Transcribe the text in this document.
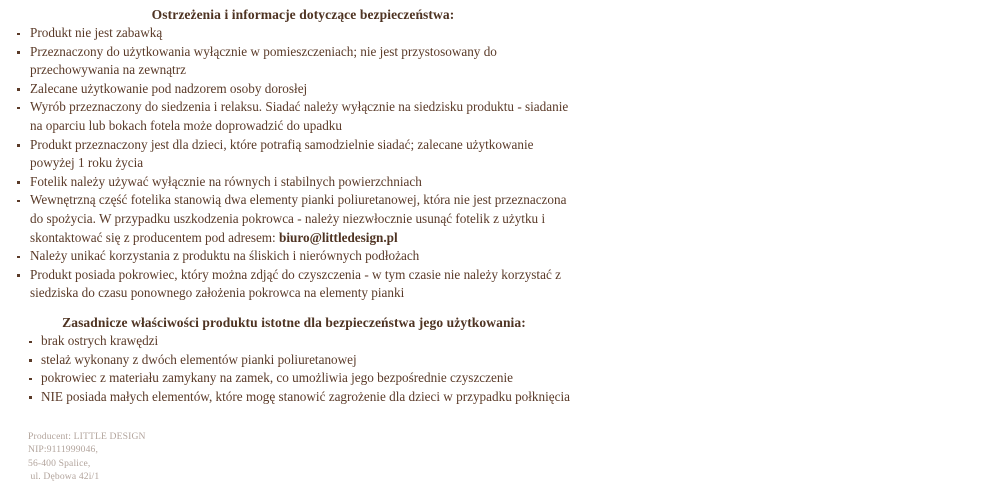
Ostrzeżenia i informacje dotyczące bezpieczeństwa:
Produkt nie jest zabawką
Przeznaczony do użytkowania wyłącznie w pomieszczeniach; nie jest przystosowany do przechowywania na zewnątrz
Zalecane użytkowanie pod nadzorem osoby dorosłej
Wyrób przeznaczony do siedzenia i relaksu. Siadać należy wyłącznie na siedzisku produktu - siadanie na oparciu lub bokach fotela może doprowadzić do upadku
Produkt przeznaczony jest dla dzieci, które potrafią samodzielnie siadać; zalecane użytkowanie powyżej 1 roku życia
Fotelik należy używać wyłącznie na równych i stabilnych powierzchniach
Wewnętrzną część fotelika stanowią dwa elementy pianki poliuretanowej, która nie jest przeznaczona do spożycia. W przypadku uszkodzenia pokrowca - należy niezwłocznie usunąć fotelik z użytku i skontaktować się z producentem pod adresem: biuro@littledesign.pl
Należy unikać korzystania z produktu na śliskich i nierównych podłożach
Produkt posiada pokrowiec, który można zdjąć do czyszczenia - w tym czasie nie należy korzystać z siedziska do czasu ponownego założenia pokrowca na elementy pianki
Zasadnicze właściwości produktu istotne dla bezpieczeństwa jego użytkowania:
brak ostrych krawędzi
stelaż wykonany z dwóch elementów pianki poliuretanowej
pokrowiec z materiału zamykany na zamek, co umożliwia jego bezpośrednie czyszczenie
NIE posiada małych elementów, które mogę stanowić zagrożenie dla dzieci w przypadku połknięcia
Producent: LITTLE DESIGN
NIP:9111999046,
56-400 Spalice,
ul. Dębowa 42i/1
